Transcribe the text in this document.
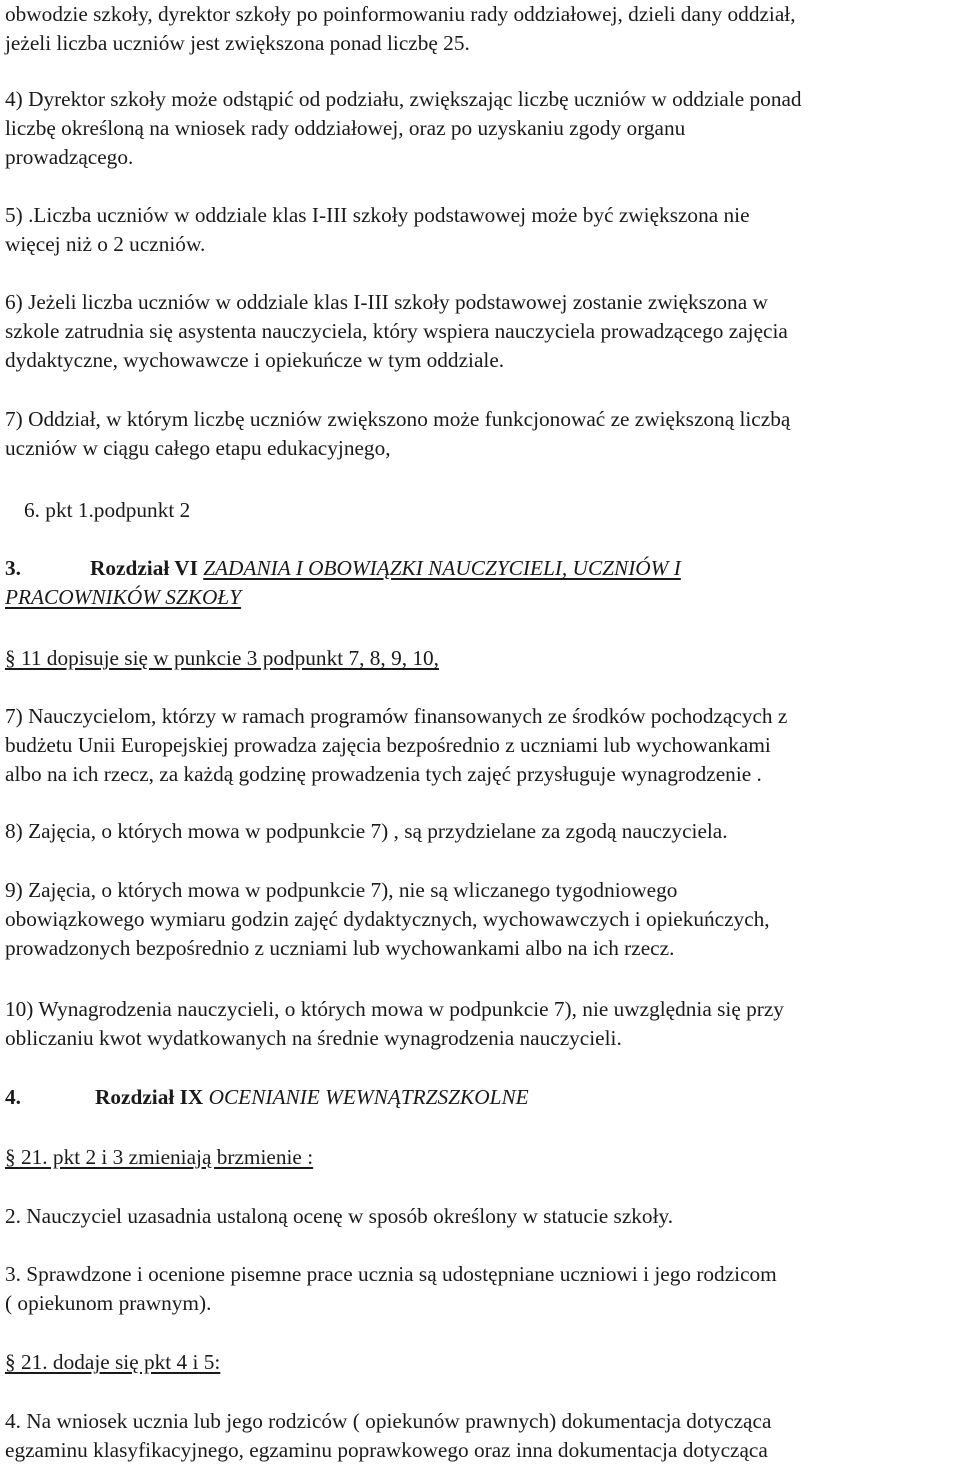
obwodzie szkoły, dyrektor szkoły po poinformowaniu rady oddziałowej, dzieli dany oddział,
jeżeli liczba uczniów jest zwiększona ponad liczbę 25.
4) Dyrektor szkoły może odstąpić od podziału, zwiększając liczbę uczniów w oddziale ponad
liczbę określoną na wniosek rady oddziałowej, oraz po uzyskaniu zgody organu
prowadzącego.
5) .Liczba uczniów w oddziale klas I-III szkoły podstawowej może być zwiększona nie
więcej niż o 2 uczniów.
6) Jeżeli liczba uczniów w oddziale klas I-III szkoły podstawowej zostanie zwiększona w
szkole zatrudnia się asystenta nauczyciela, który wspiera nauczyciela prowadzącego zajęcia
dydaktyczne, wychowawcze i opiekuńcze w tym oddziale.
7) Oddział, w którym liczbę uczniów zwiększono może funkcjonować ze zwiększoną liczbą
uczniów w ciągu całego etapu edukacyjnego,
6. pkt 1.podpunkt 2
3.	Rozdział VI ZADANIA I OBOWIĄZKI NAUCZYCIELI, UCZNIÓW I
PRACOWNIKÓW SZKOŁY
§ 11 dopisuje się w punkcie 3 podpunkt 7, 8, 9, 10,
7) Nauczycielom, którzy w ramach programów finansowanych ze środków pochodzących z
budżetu Unii Europejskiej prowadza zajęcia bezpośrednio z uczniami lub wychowankami
albo na ich rzecz, za każdą godzinę prowadzenia tych zajęć przysługuje wynagrodzenie .
8) Zajęcia, o których mowa w podpunkcie 7) , są przydzielane za zgodą nauczyciela.
9) Zajęcia, o których mowa w podpunkcie 7), nie są wliczanego tygodniowego
obowiązkowego wymiaru godzin zajęć dydaktycznych, wychowawczych i opiekuńczych,
prowadzonych bezpośrednio z uczniami lub wychowankami albo na ich rzecz.
10) Wynagrodzenia nauczycieli, o których mowa w podpunkcie 7), nie uwzględnia się przy
obliczaniu kwot wydatkowanych na średnie wynagrodzenia nauczycieli.
4.	Rozdział IX OCENIANIE WEWNĄTRZSZKOLNE
§ 21. pkt 2 i 3 zmieniają brzmienie :
2. Nauczyciel uzasadnia ustaloną ocenę w sposób określony w statucie szkoły.
3. Sprawdzone i ocenione pisemne prace ucznia są udostępniane uczniowi i jego rodzicom
( opiekunom prawnym).
§ 21. dodaje się pkt 4 i 5:
4. Na wniosek ucznia lub jego rodziców ( opiekunów prawnych) dokumentacja dotycząca
egzaminu klasyfikacyjnego, egzaminu poprawkowego oraz inna dokumentacja dotycząca
